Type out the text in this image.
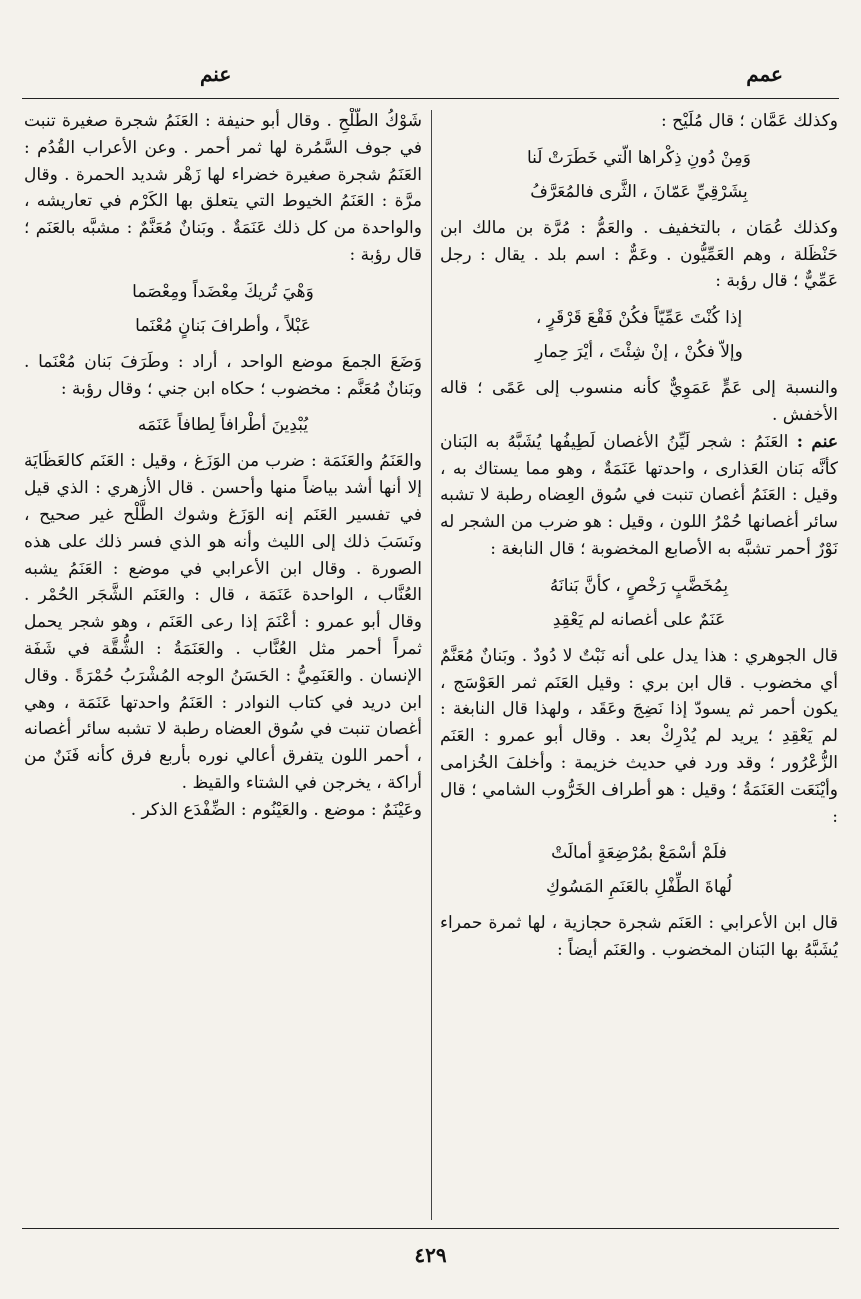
عمم
عنم

وكذلك عَمَّان ؛ قال مُلَيْح :

وَمِنْ دُونِ ذِكْراها الّتي خَطَرَتْ لَنا
بِشَرْقِيِّ عَمّانَ ، الثَّرى فالمُعَرَّفُ

وكذلك عُمَان ، بالتخفيف . والعَمُّ : مُرَّة بن مالك ابن حَنْظَلة ، وهم العَمِّيُّون . وعَمٌّ : اسم بلد . يقال : رجل عَمِّيٌّ ؛ قال رؤبة :

إذا كُنْتَ عَمِّيّاً فكُنْ فَقْعَ قَرْقَرٍ ،
وإلاّ فكُنْ ، إنْ شِئْتَ ، أيْرَ حِمارِ

والنسبة إلى عَمٍّ عَمَوِيٌّ كأنه منسوب إلى عَمًى ؛ قاله الأخفش .

عنم : العَنَمُ : شجر لَيِّنُ الأغصان لَطِيفُها يُشَبَّهُ به البَنان كأنَّه بَنان العَذارى ، واحدتها عَنَمَةٌ ، وهو مما يستاك به ، وقيل : العَنَمُ أغصان تنبت في سُوق العِضاه رطبة لا تشبه سائر أغصانها حُمْرُ اللون ، وقيل : هو ضرب من الشجر له نَوْرٌ أحمر تشبَّه به الأصابع المخضوبة ؛ قال النابغة :

بِمُخَضَّبٍ رَخْصٍ ، كأنَّ بَنانَهُ
عَنَمٌ على أغصانه لم يَعْقِدِ

قال الجوهري : هذا يدل على أنه نَبْتٌ لا دُودٌ . وبَنانٌ مُعَنَّمٌ أي مخضوب . قال ابن بري : وقيل العَنَم ثمر العَوْسَج ، يكون أحمر ثم يسودّ إذا نَضِجَ وعَقَد ، ولهذا قال النابغة : لم يَعْقِدِ ؛ يريد لم يُدْرِكْ بعد . وقال أبو عمرو : العَنَم الزُّعْرُور ؛ وقد ورد في حديث خزيمة : وأخلفَ الخُزامى وأيْنَعَت العَنَمَةُ ؛ وقيل : هو أطراف الخَرُّوب الشامي ؛ قال :

فلَمْ أسْمَعْ بمُرْضِعَةٍ أمالَتْ
لُهاةَ الطِّفْلِ بالعَنَمِ المَسُوكِ

قال ابن الأعرابي : العَنَم شجرة حجازية ، لها ثمرة حمراء يُشَبَّهُ بها البَنان المخضوب . والعَنَم أيضاً :

شَوْكُ الطَّلْحِ . وقال أبو حنيفة : العَنَمُ شجرة صغيرة تنبت في جوف السَّمُرة لها ثمر أحمر . وعن الأعراب القُدُم : العَنَمُ شجرة صغيرة خضراء لها زَهْر شديد الحمرة . وقال مرَّة : العَنَمُ الخيوط التي يتعلق بها الكَرْم في تعاريشه ، والواحدة من كل ذلك عَنَمَةٌ . وبَنانٌ مُعَنَّمٌ : مشبَّه بالعَنَم ؛ قال رؤبة :

وَهْيَ تُريكَ مِعْضَداً ومِعْصَما
عَبْلاً ، وأطرافَ بَنانٍ مُعْنَما

وَضَعَ الجمعَ موضع الواحد ، أراد : وطَرَفَ بَنان مُعْنَما . وبَنانٌ مُعَنَّم : مخضوب ؛ حكاه ابن جني ؛ وقال رؤبة :

يُبْدِينَ أطْرافاً لِطافاً عَنَمَه

والعَنَمُ والعَنَمَة : ضرب من الوَزَغ ، وقيل : العَنَم كالعَظَايَة إلا أنها أشد بياضاً منها وأحسن . قال الأزهري : الذي قيل في تفسير العَنَم إنه الوَزَغ وشوك الطَّلْح غير صحيح ، ونَسَبَ ذلك إلى الليث وأنه هو الذي فسر ذلك على هذه الصورة . وقال ابن الأعرابي في موضع : العَنَمُ يشبه العُنَّاب ، الواحدة عَنَمَة ، قال : والعَنَم الشَّجَر الحُمْر . وقال أبو عمرو : أعْنَمَ إذا رعى العَنَم ، وهو شجر يحمل ثمراً أحمر مثل العُنَّاب . والعَنَمَةُ : الشُّقَّة في شَفَة الإنسان . والعَنَمِيُّ : الحَسَنُ الوجه المُشْرَبُ حُمْرَةً . وقال ابن دريد في كتاب النوادر : العَنَمُ واحدتها عَنَمَة ، وهي أغصان تنبت في سُوق العضاه رطبة لا تشبه سائر أغصانه ، أحمر اللون يتفرق أعالي نوره بأربع فرق كأنه فَنَنٌ من أراكة ، يخرجن في الشتاء والقيظ .

وعَيْنَمٌ : موضع . والعَيْنُوم : الضِّفْدَع الذكر .

٤٢٩
